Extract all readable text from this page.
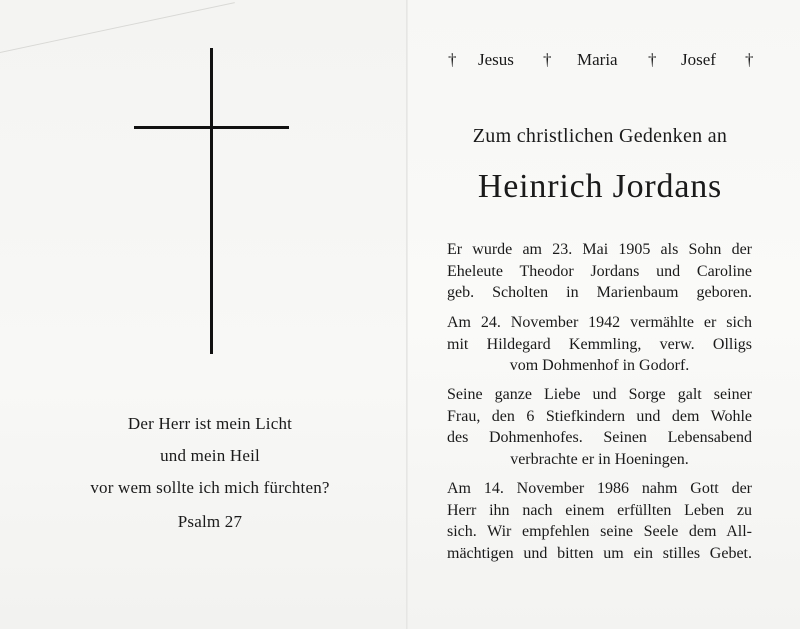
Der Herr ist mein Licht
und mein Heil
vor wem sollte ich mich fürchten?
Psalm 27
† Jesus † Maria † Josef †
Zum christlichen Gedenken an
Heinrich Jordans
Er wurde am 23. Mai 1905 als Sohn der
Eheleute Theodor Jordans und Caroline
geb. Scholten in Marienbaum geboren.
Am 24. November 1942 vermählte er sich
mit Hildegard Kemmling, verw. Olligs
vom Dohmenhof in Godorf.
Seine ganze Liebe und Sorge galt seiner
Frau, den 6 Stiefkindern und dem Wohle
des Dohmenhofes. Seinen Lebensabend
verbrachte er in Hoeningen.
Am 14. November 1986 nahm Gott der
Herr ihn nach einem erfüllten Leben zu
sich. Wir empfehlen seine Seele dem All-
mächtigen und bitten um ein stilles Gebet.
